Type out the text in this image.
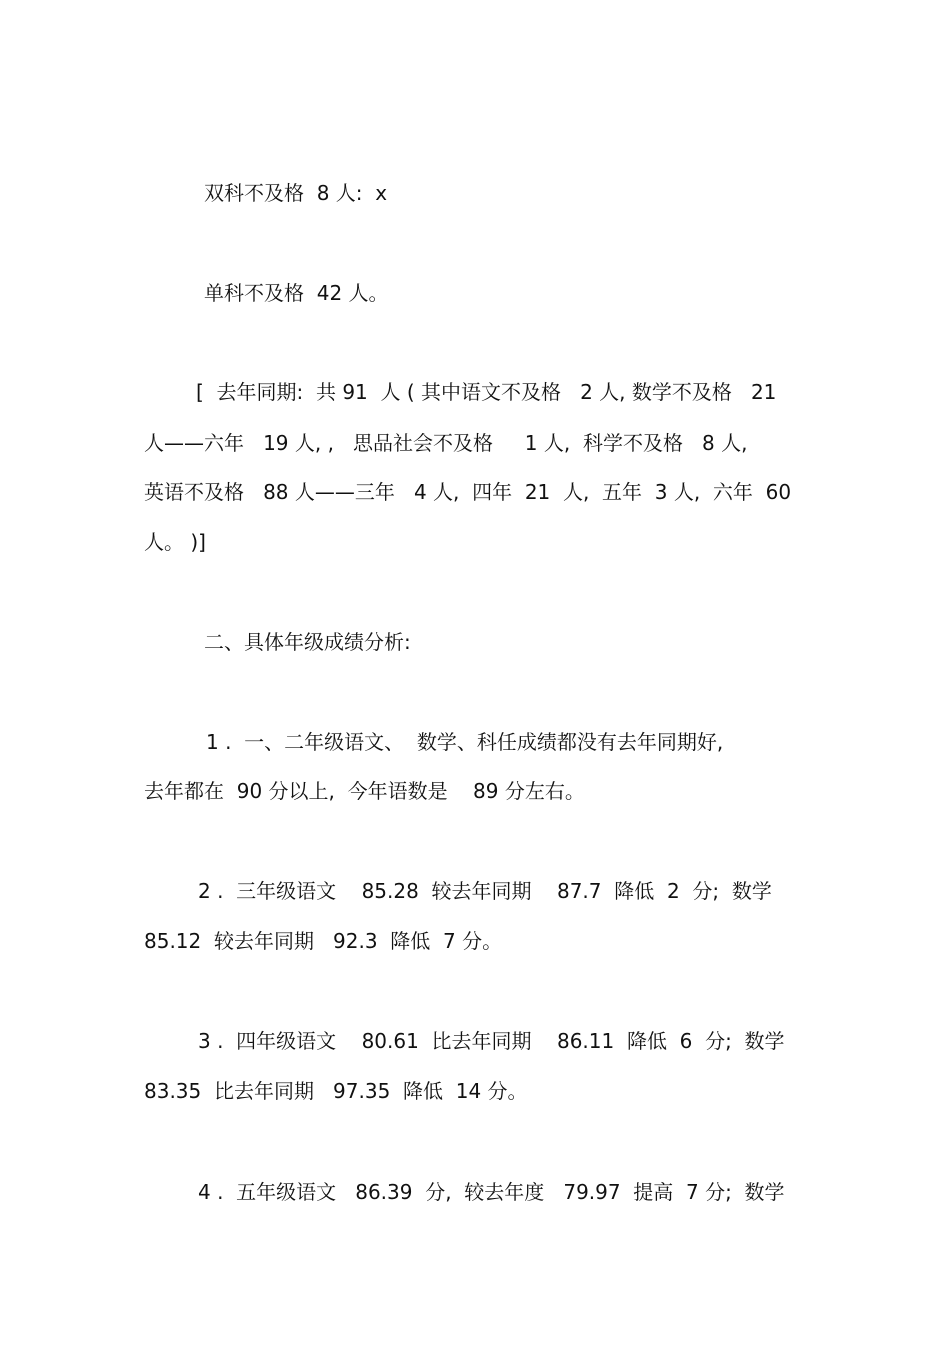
双科不及格  8 人:  x
单科不及格  42 人。
[  去年同期:  共 91  人 ( 其中语文不及格   2 人, 数学不及格   21
人——六年   19 人, ,   思品社会不及格     1 人,  科学不及格   8 人,
英语不及格   88 人——三年   4 人,  四年  21  人,  五年  3 人,  六年  60
人。 )]
二、具体年级成绩分析:
1 .  一、二年级语文、  数学、科任成绩都没有去年同期好,
去年都在  90 分以上,  今年语数是    89 分左右。
2 .  三年级语文    85.28  较去年同期    87.7  降低  2  分;  数学
85.12  较去年同期   92.3  降低  7 分。
3 .  四年级语文    80.61  比去年同期    86.11  降低  6  分;  数学
83.35  比去年同期   97.35  降低  14 分。
4 .  五年级语文   86.39  分,  较去年度   79.97  提高  7 分;  数学
